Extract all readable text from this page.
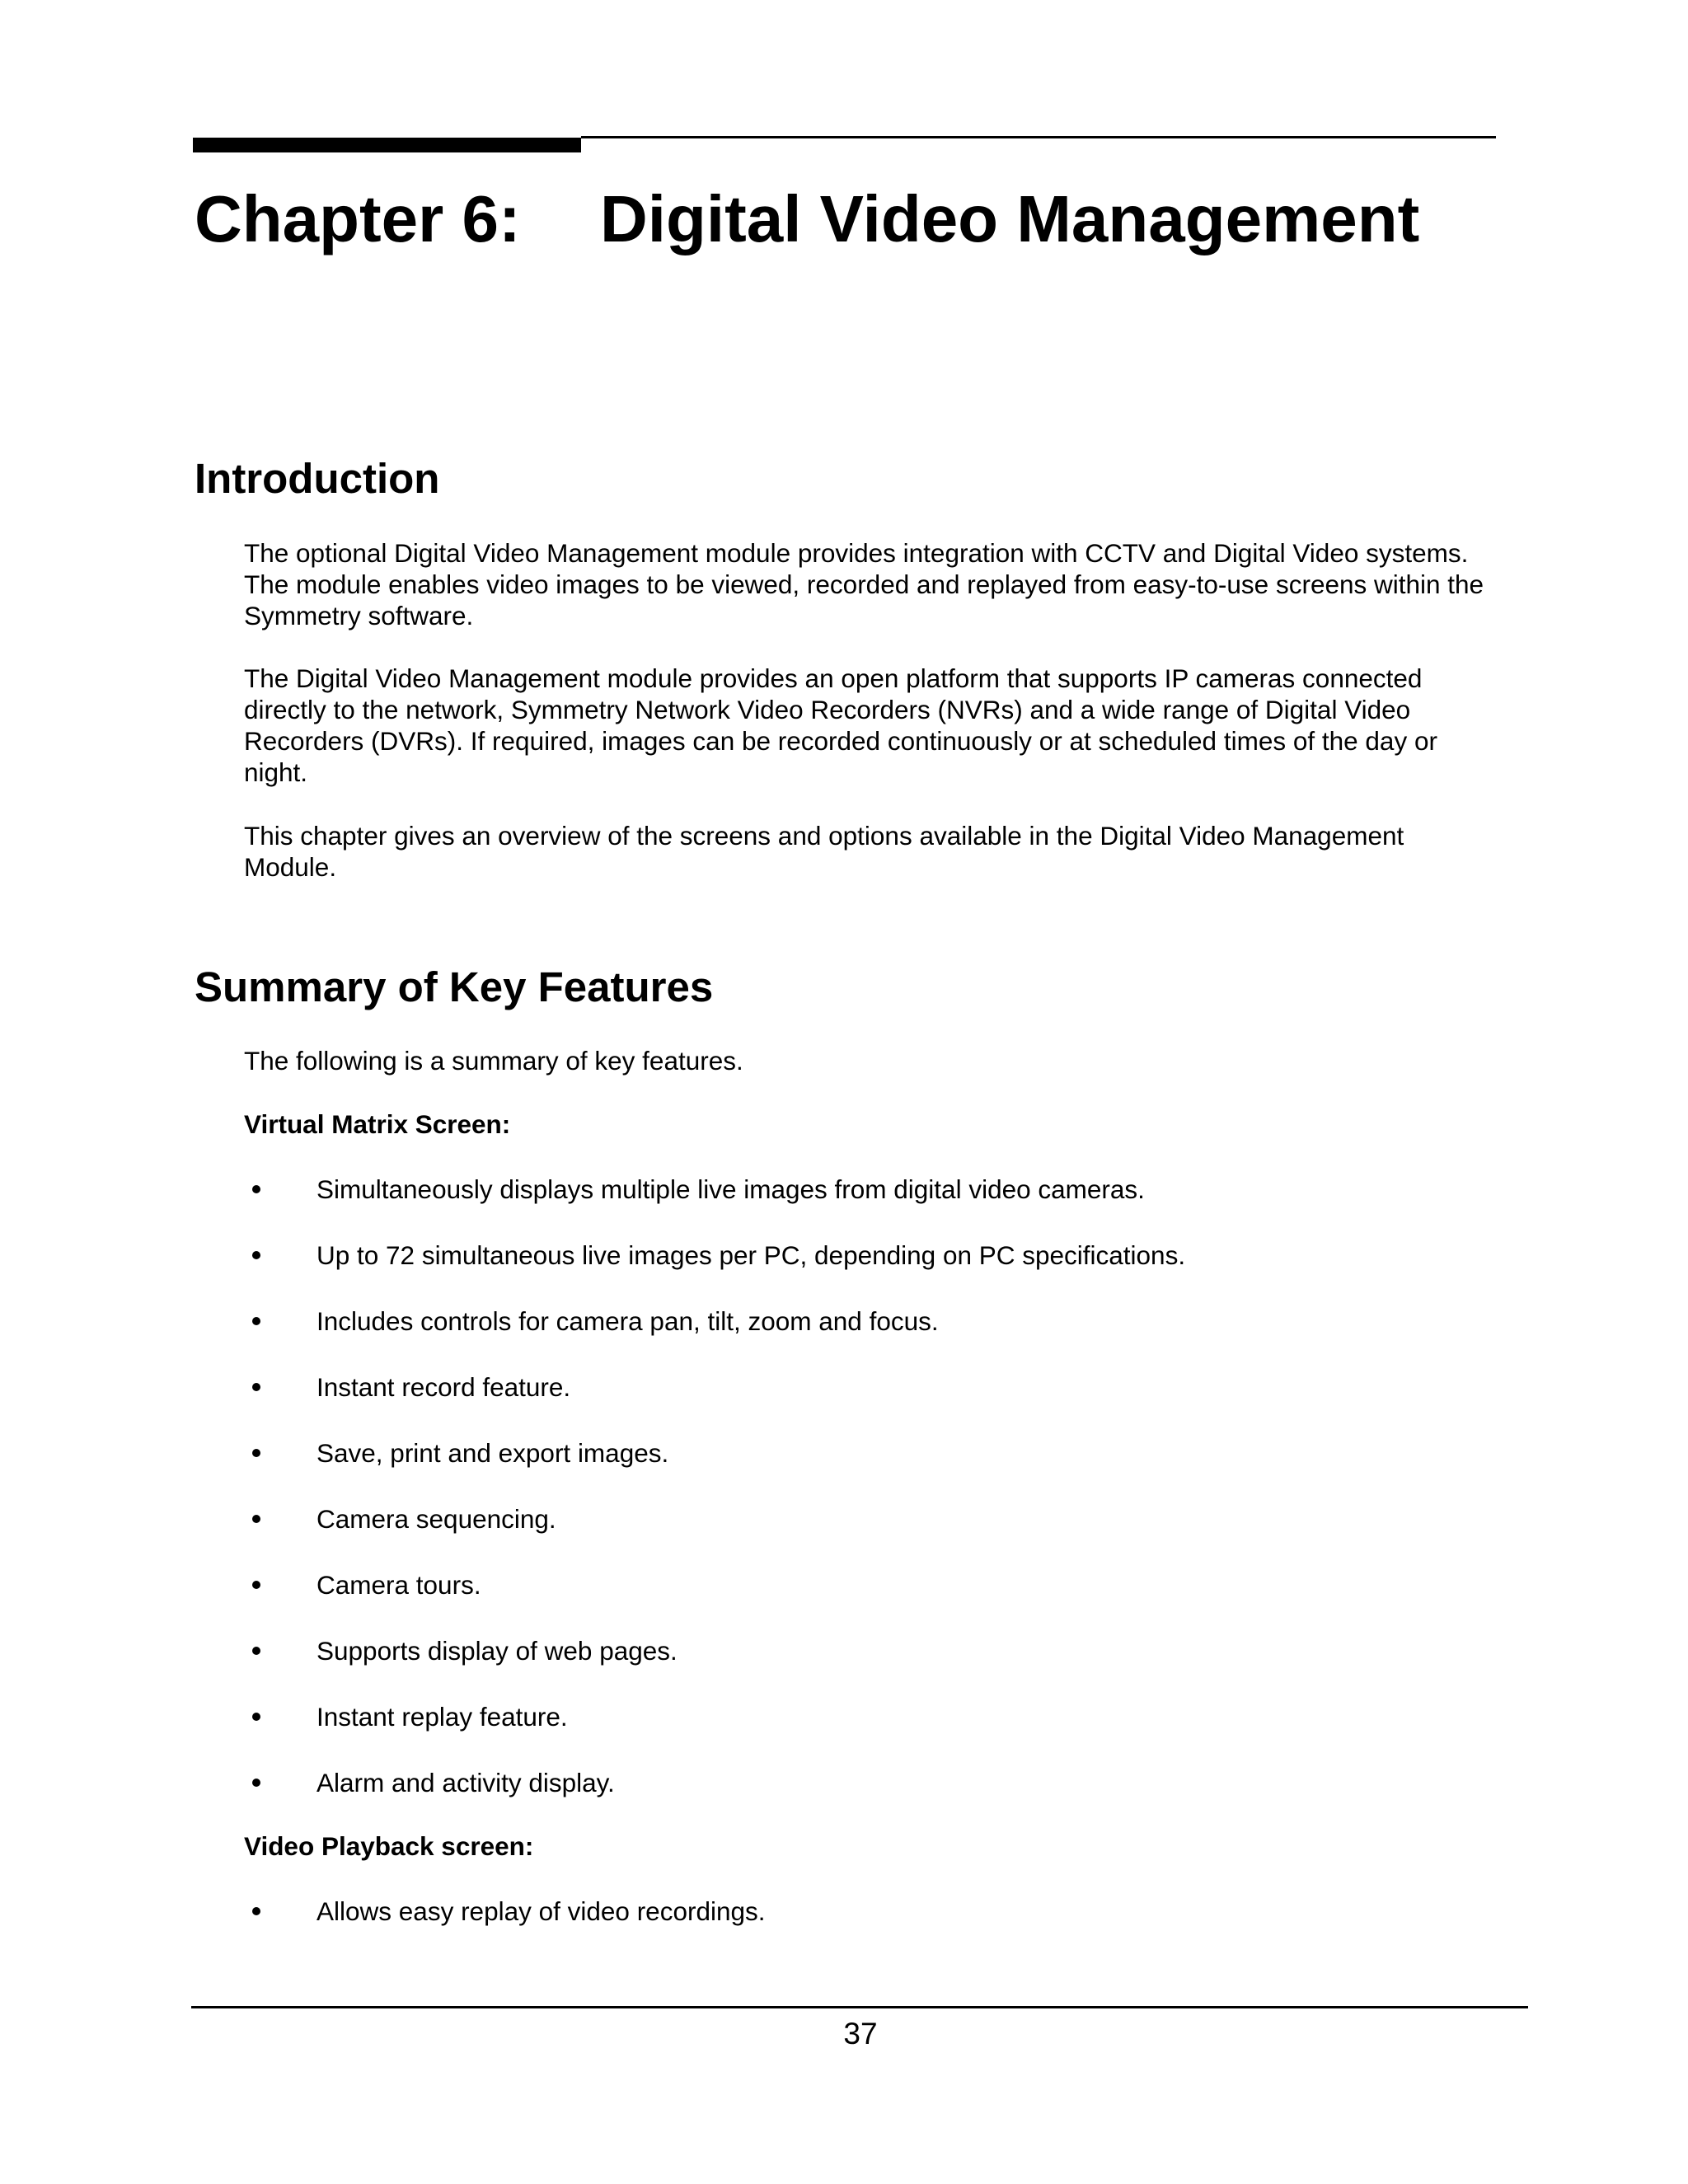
Chapter 6: Digital Video Management
Introduction

The optional Digital Video Management module provides integration with CCTV and Digital Video systems. The module enables video images to be viewed, recorded and replayed from easy-to-use screens within the Symmetry software.

The Digital Video Management module provides an open platform that supports IP cameras connected directly to the network, Symmetry Network Video Recorders (NVRs) and a wide range of Digital Video Recorders (DVRs). If required, images can be recorded continuously or at scheduled times of the day or night.

This chapter gives an overview of the screens and options available in the Digital Video Management Module.

Summary of Key Features

The following is a summary of key features.

Virtual Matrix Screen:

Simultaneously displays multiple live images from digital video cameras.
Up to 72 simultaneous live images per PC, depending on PC specifications.
Includes controls for camera pan, tilt, zoom and focus.
Instant record feature.
Save, print and export images.
Camera sequencing.
Camera tours.
Supports display of web pages.
Instant replay feature.
Alarm and activity display.

Video Playback screen:

Allows easy replay of video recordings.
37
